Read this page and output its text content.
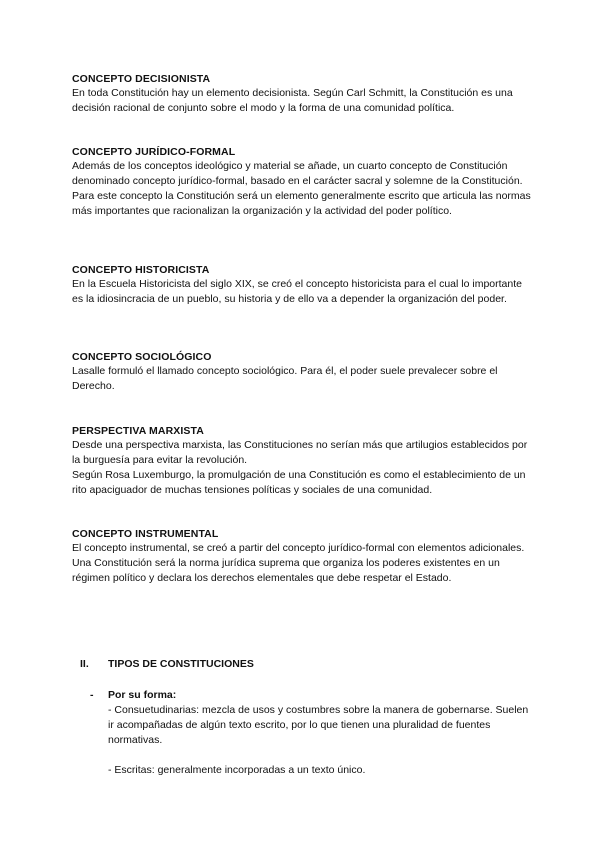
CONCEPTO DECISIONISTA

En toda Constitución hay un elemento decisionista. Según Carl Schmitt, la Constitución es una decisión racional de conjunto sobre el modo y la forma de una comunidad política.

CONCEPTO JURÍDICO-FORMAL

Además de los conceptos ideológico y material se añade, un cuarto concepto de Constitución denominado concepto jurídico-formal, basado en el carácter sacral y solemne de la Constitución.

Para este concepto la Constitución será un elemento generalmente escrito que articula las normas más importantes que racionalizan la organización y la actividad del poder político.

CONCEPTO HISTORICISTA

En la Escuela Historicista del siglo XIX, se creó el concepto historicista para el cual lo importante es la idiosincracia de un pueblo, su historia y de ello va a depender la organización del poder.

CONCEPTO SOCIOLÓGICO

Lasalle formuló el llamado concepto sociológico. Para él, el poder suele prevalecer sobre el Derecho.

PERSPECTIVA MARXISTA

Desde una perspectiva marxista, las Constituciones no serían más que artilugios establecidos por la burguesía para evitar la revolución.

Según Rosa Luxemburgo, la promulgación de una Constitución es como el establecimiento de un rito apaciguador de muchas tensiones políticas y sociales de una comunidad.

CONCEPTO INSTRUMENTAL

El concepto instrumental, se creó a partir del concepto jurídico-formal con elementos adicionales.

Una Constitución será la norma jurídica suprema que organiza los poderes existentes en un régimen político y declara los derechos elementales que debe respetar el Estado.

II. TIPOS DE CONSTITUCIONES
- Por su forma:

- Consuetudinarias: mezcla de usos y costumbres sobre la manera de gobernarse. Suelen ir acompañadas de algún texto escrito, por lo que tienen una pluralidad de fuentes normativas.

- Escritas: generalmente incorporadas a un texto único.
